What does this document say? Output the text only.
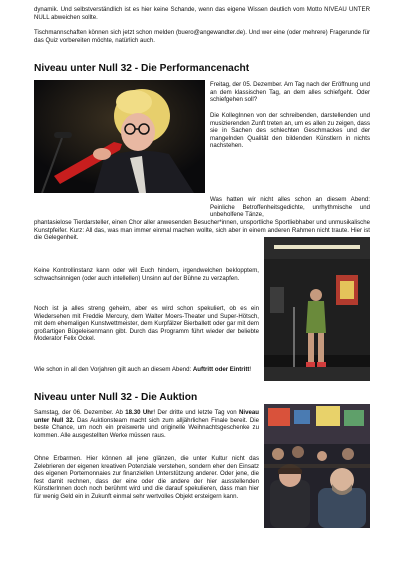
dynamik. Und selbstverständlich ist es hier keine Schande, wenn das eigene Wissen deutlich vom Motto NIVEAU UNTER NULL abweichen sollte.

Tischmannschaften können sich jetzt schon melden (buero@angewandter.de). Und wer eine (oder mehrere) Fragerunde für das Quiz vorbereiten möchte, natürlich auch.

Niveau unter Null 32 - Die Performancenacht

Freitag, der 05. Dezember. Am Tag nach der Eröffnung und an dem klassischen Tag, an dem alles schiefgeht. Oder schiefgehen soll?

Die KollegInnen von der schreibenden, darstellenden und musizierenden Zunft treten an, um es allen zu zeigen, dass sie in Sachen des schlechten Geschmackes und der mangelnden Qualität den bildenden Künstlern in nichts nachstehen.

Was hatten wir nicht alles schon an diesem Abend: Peinliche Betroffenheitsgedichte, unrhythmische und unbeholfene Tänze,

phantasielose Tierdarsteller, einen Chor aller anwesenden Besucher*innen, unsportliche Sportliebhaber und unmusikalische Kunstpfeifer. Kurz: All das, was man immer einmal machen wollte, sich aber in einem anderen Rahmen nicht traute. Hier ist die Gelegenheit.

Keine Kontrollinstanz kann oder will Euch hindern, irgendwelchen beklopptem, schwachsinnigen (oder auch intellellen) Unsinn auf der Bühne zu verzapfen.

Noch ist ja alles streng geheim, aber es wird schon spekuliert, ob es ein Wiedersehen mit Freddie Mercury, dem Walter Moers-Theater und Super-Hötsch, mit dem ehemaligen Kunstwettmeister, dem Kurpfälzer Bierballett oder gar mit dem großartigen Bügeleisenmann gibt. Durch das Programm führt wieder der beliebte Moderator Felix Ockel.

Wie schon in all den Vorjahren gilt auch an diesem Abend: Auftritt oder Eintritt!

Niveau unter Null 32 - Die Auktion

Samstag, der 06. Dezember. Ab 18.30 Uhr! Der dritte und letzte Tag von Niveau unter Null 32. Das Auktionsteam macht sich zum alljährlichen Finale bereit. Die beste Chance, um noch ein preiswerte und originelle Weihnachtsgeschenke zu kommen. Alle ausgestellten Werke müssen raus.

Ohne Erbarmen. Hier können all jene glänzen, die unter Kultur nicht das Zelebrieren der eigenen kreativen Potenziale verstehen, sondern eher den Einsatz des eigenen Portemonnaies zur finanziellen Unterstützung anderer. Oder jene, die fest damit rechnen, dass der eine oder die andere der hier ausstellenden KünstlerInnen doch noch berühmt wird und die darauf spekulieren, dass man hier für wenig Geld ein in Zukunft einmal sehr wertvolles Objekt ersteigern kann.
